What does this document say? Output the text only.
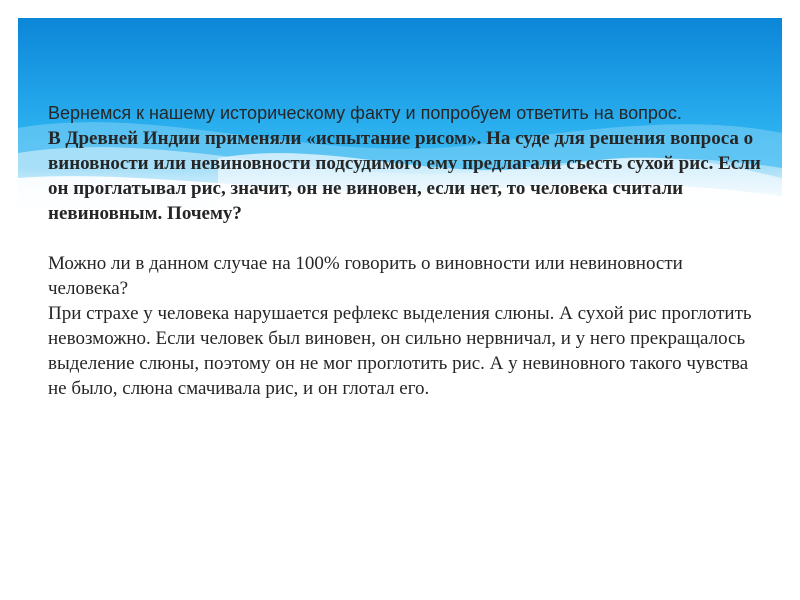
Вернемся к нашему историческому факту и попробуем ответить на вопрос.

В Древней Индии применяли «испытание рисом». На суде для решения вопроса о виновности или невиновности подсудимого ему предлагали съесть сухой рис. Если он проглатывал рис, значит, он не виновен, если нет, то человека считали невиновным. Почему?

Можно ли в данном случае на 100% говорить о виновности или невиновности человека?

При страхе у человека нарушается рефлекс выделения слюны. А сухой рис проглотить невозможно. Если человек был виновен, он сильно нервничал, и у него прекращалось выделение слюны, поэтому он не мог проглотить рис. А у невиновного такого чувства не было, слюна смачивала рис, и он глотал его.
